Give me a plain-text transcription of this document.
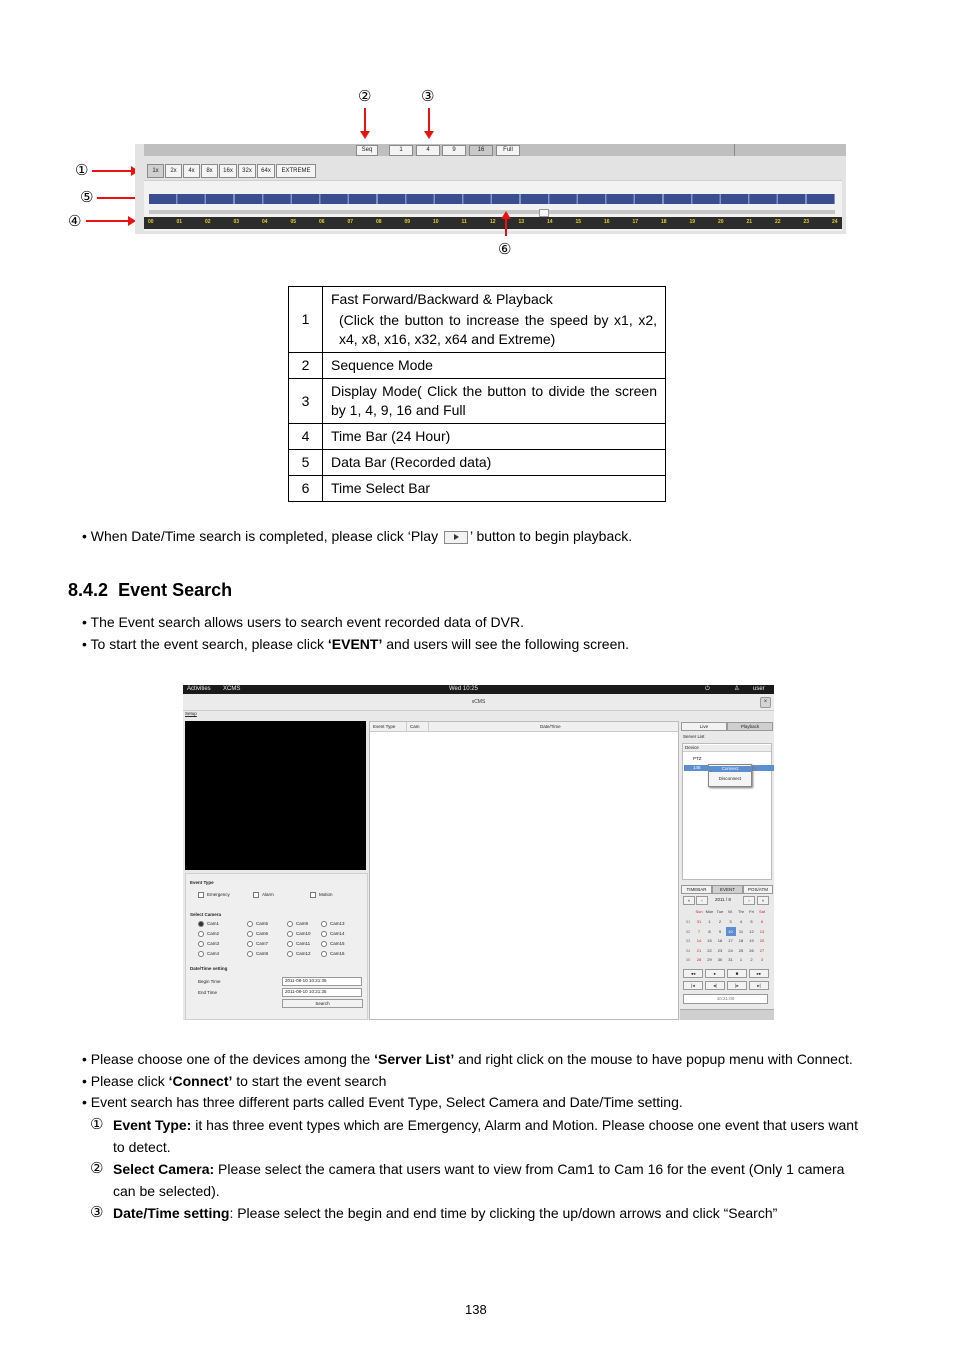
②	③
①
⑤
④
Seq	1	4	9	16	Full
1x	2x	4x	8x	16x	32x	64x	EXTREME
00	01	02	03	04	05	06	07	08	09	10	11	12	13	14	15	16	17	18	19	20	21	22	23	24
⑥
1	Fast Forward/Backward & Playback
(Click the button to increase the speed by x1, x2, x4, x8, x16, x32, x64 and Extreme)

2	Sequence Mode
3	Display Mode( Click the button to divide the screen by 1, 4, 9, 16 and Full
4	Time Bar (24 Hour)
5	Data Bar (Recorded data)
6	Time Select Bar
• When Date/Time search is completed, please click ‘Play ’ button to begin playback.
8.4.2 Event Search
• The Event search allows users to search event recorded data of DVR.
• To start the event search, please click ‘EVENT’ and users will see the following screen.
Activities XCMS	Wed 10:25	⏻	♙ user
xCMS	×
Setup
Event Type
Emergency	Alarm	Motion
Select Camera
Cam1	Cam5	Cam9	Cam13
Cam2	Cam6	Cam10	Cam14
Cam3	Cam7	Cam11	Cam15
Cam4	Cam8	Cam12	Cam16
Date/Time setting
Begin Time	2011-08-10 10:21:35
End Time	2011-08-10 10:21:35
Search
Event Type	Cam	Date/Time	Live	Playback
Server List
Device
PTZ
146	Connect
Disconnect
TIMEBAR	EVENT	POS/ATM
«	‹	2011 / 8	›	»
◂◂	▸	■	▸▸
|◂	◂|	|▸	▸|
10:21:00
Sun Mon Tue	W.	Thr	Fri	Sat
31	31	1	2	3	4	5	6
32	7	8	9	10	11	12	13
33	14	15	16	17	18	19	20
34	21	22	23	24	25	26	27
35	28	29	30	31	1	2	3
• Please choose one of the devices among the ‘Server List’ and right click on the mouse to have popup menu with Connect.
• Please click ‘Connect’ to start the event search
• Event search has three different parts called Event Type, Select Camera and Date/Time setting.
① Event Type: it has three event types which are Emergency, Alarm and Motion. Please choose one event that users want
to detect.
② Select Camera: Please select the camera that users want to view from Cam1 to Cam 16 for the event (Only 1 camera
can be selected).
③ Date/Time setting: Please select the begin and end time by clicking the up/down arrows and click “Search”
138
